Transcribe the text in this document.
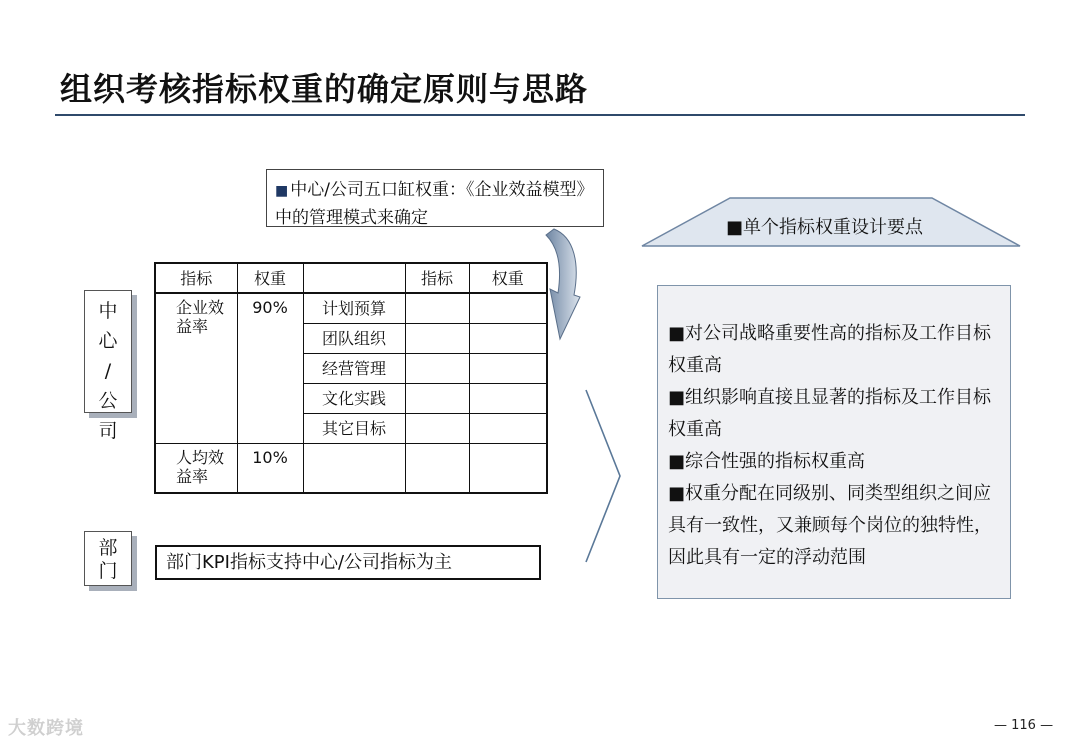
组织考核指标权重的确定原则与思路
■ 中心/公司五口缸权重：《企业效益模型》中的管理模式来确定
中
心
/
公
司
部
门
指标	权重		指标	权重
企业效益率	90%	计划预算		
		团队组织		
		经营管理		
		文化实践		
		其它目标		
人均效益率	10%			
部门KPI指标支持中心/公司指标为主
■单个指标权重设计要点

■对公司战略重要性高的指标及工作目标权重高

■组织影响直接且显著的指标及工作目标权重高

■综合性强的指标权重高

■权重分配在同级别、同类型组织之间应具有一致性，又兼顾每个岗位的独特性， 因此具有一定的浮动范围

大数跨境	— 116 —
